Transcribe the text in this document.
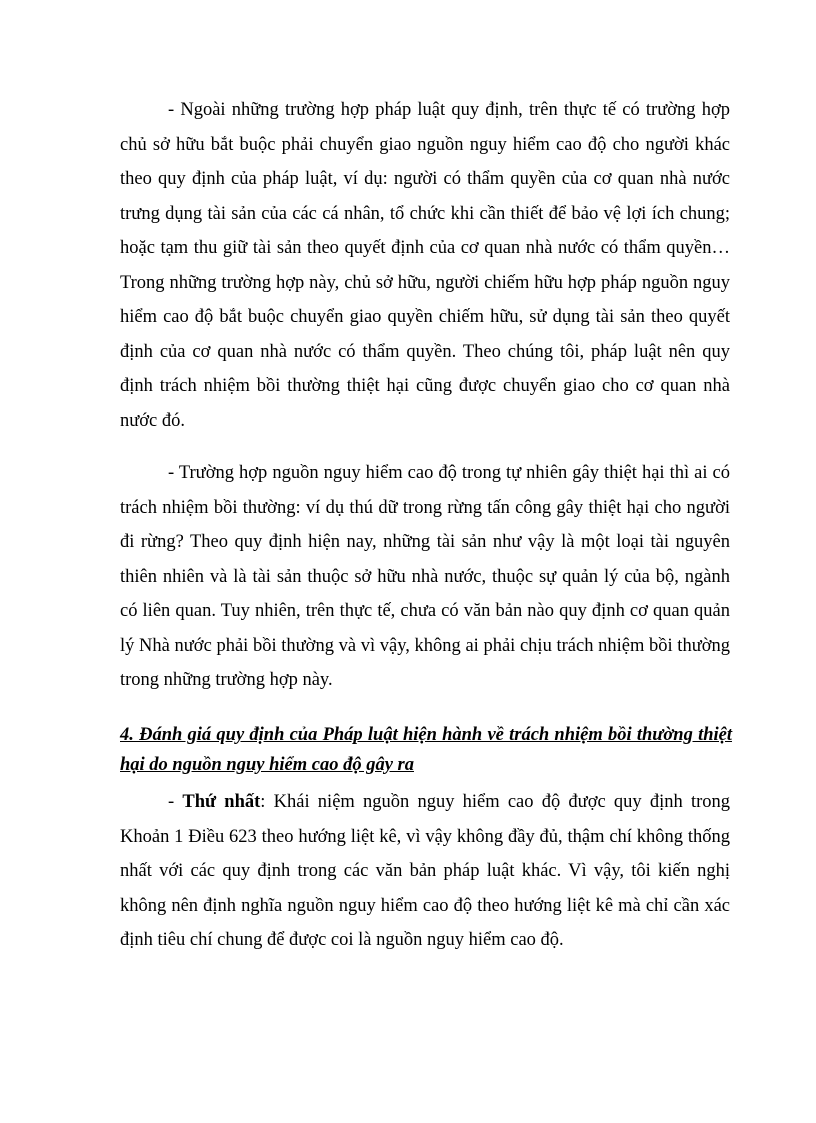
- Ngoài những trường hợp pháp luật quy định, trên thực tế có trường hợp chủ sở hữu bắt buộc phải chuyển giao nguồn nguy hiểm cao độ cho người khác theo quy định của pháp luật, ví dụ: người có thẩm quyền của cơ quan nhà nước trưng dụng tài sản của các cá nhân, tổ chức khi cần thiết để bảo vệ lợi ích chung; hoặc tạm thu giữ tài sản theo quyết định của cơ quan nhà nước có thẩm quyền… Trong những trường hợp này, chủ sở hữu, người chiếm hữu hợp pháp nguồn nguy hiểm cao độ bắt buộc chuyển giao quyền chiếm hữu, sử dụng tài sản theo quyết định của cơ quan nhà nước có thẩm quyền. Theo chúng tôi, pháp luật nên quy định trách nhiệm bồi thường thiệt hại cũng được chuyển giao cho cơ quan nhà nước đó.

- Trường hợp nguồn nguy hiểm cao độ trong tự nhiên gây thiệt hại thì ai có trách nhiệm bồi thường: ví dụ thú dữ trong rừng tấn công gây thiệt hại cho người đi rừng? Theo quy định hiện nay, những tài sản như vậy là một loại tài nguyên thiên nhiên và là tài sản thuộc sở hữu nhà nước, thuộc sự quản lý của bộ, ngành có liên quan. Tuy nhiên, trên thực tế, chưa có văn bản nào quy định cơ quan quản lý Nhà nước phải bồi thường và vì vậy, không ai phải chịu trách nhiệm bồi thường trong những trường hợp này.

4. Đánh giá quy định của Pháp luật hiện hành về trách nhiệm bồi thường thiệt hại do nguồn nguy hiểm cao độ gây ra

- Thứ nhất: Khái niệm nguồn nguy hiểm cao độ được quy định trong Khoản 1 Điều 623 theo hướng liệt kê, vì vậy không đầy đủ, thậm chí không thống nhất với các quy định trong các văn bản pháp luật khác. Vì vậy, tôi kiến nghị không nên định nghĩa nguồn nguy hiểm cao độ theo hướng liệt kê mà chỉ cần xác định tiêu chí chung để được coi là nguồn nguy hiểm cao độ.
